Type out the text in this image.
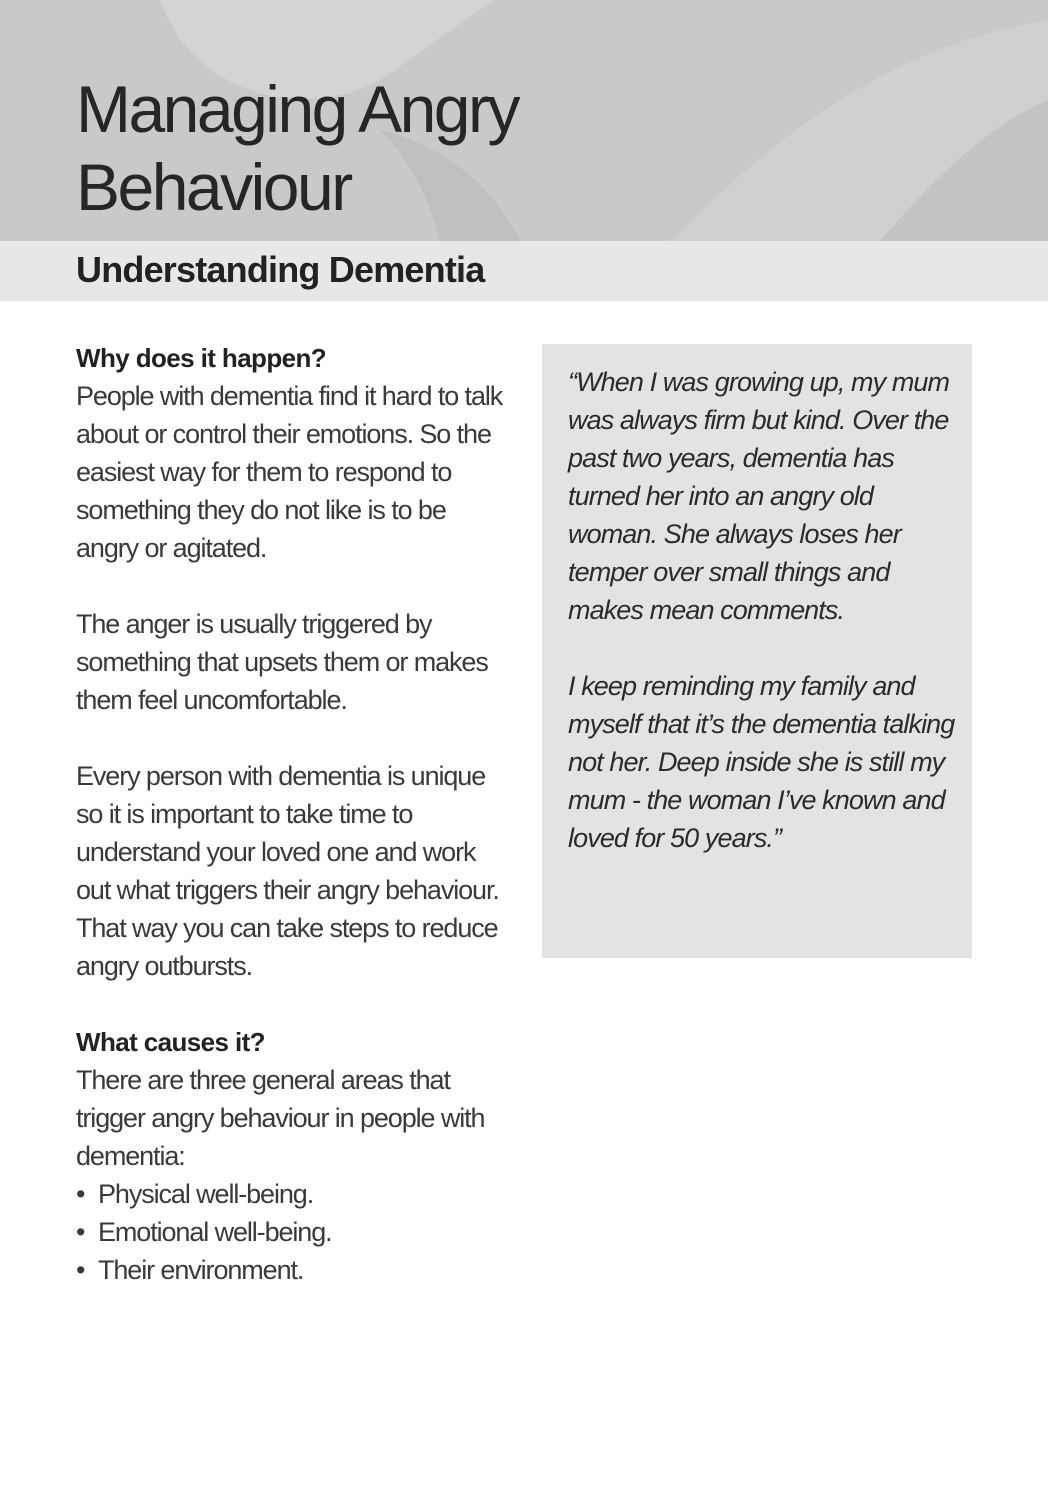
Managing Angry
Behaviour
Understanding Dementia
Why does it happen?

People with dementia find it hard to talk about or control their emotions. So the easiest way for them to respond to something they do not like is to be angry or agitated.

The anger is usually triggered by something that upsets them or makes them feel uncomfortable.

Every person with dementia is unique so it is important to take time to understand your loved one and work out what triggers their angry behaviour. That way you can take steps to reduce angry outbursts.

What causes it?

There are three general areas that trigger angry behaviour in people with dementia:

• Physical well-being.
• Emotional well-being.
• Their environment.

“When I was growing up, my mum was always firm but kind. Over the past two years, dementia has turned her into an angry old woman. She always loses her temper over small things and makes mean comments.

I keep reminding my family and myself that it’s the dementia talking not her. Deep inside she is still my mum - the woman I’ve known and loved for 50 years.”
